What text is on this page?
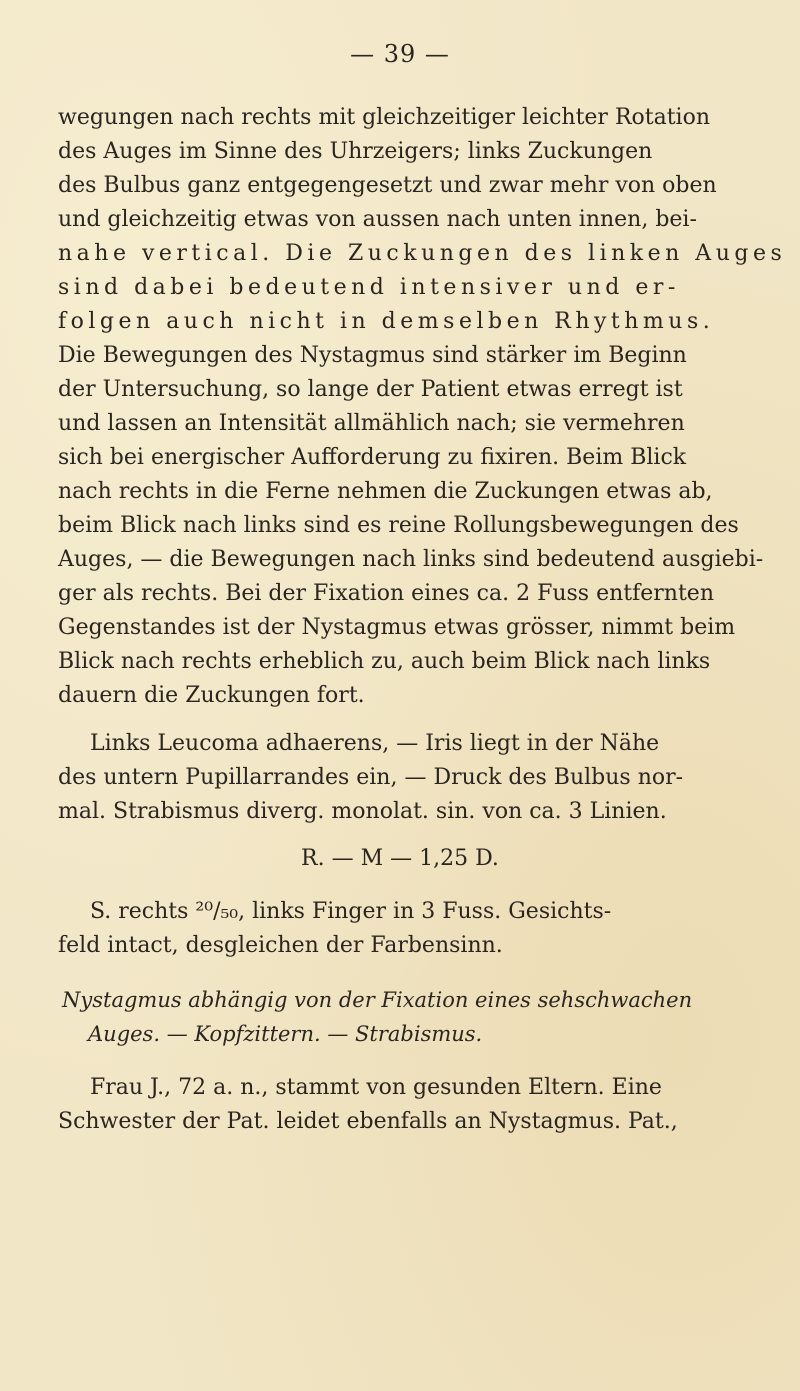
— 39 —
wegungen nach rechts mit gleichzeitiger leichter Rotation
des Auges im Sinne des Uhrzeigers; links Zuckungen
des Bulbus ganz entgegengesetzt und zwar mehr von oben
und gleichzeitig etwas von aussen nach unten innen, bei-
nahe vertical. Die Zuckungen des linken Auges
sind dabei bedeutend intensiver und er-
folgen auch nicht in demselben Rhythmus.
Die Bewegungen des Nystagmus sind stärker im Beginn
der Untersuchung, so lange der Patient etwas erregt ist
und lassen an Intensität allmählich nach; sie vermehren
sich bei energischer Aufforderung zu fixiren. Beim Blick
nach rechts in die Ferne nehmen die Zuckungen etwas ab,
beim Blick nach links sind es reine Rollungsbewegungen des
Auges, — die Bewegungen nach links sind bedeutend ausgiebi-
ger als rechts. Bei der Fixation eines ca. 2 Fuss entfernten
Gegenstandes ist der Nystagmus etwas grösser, nimmt beim
Blick nach rechts erheblich zu, auch beim Blick nach links
dauern die Zuckungen fort.
Links Leucoma adhaerens, — Iris liegt in der Nähe
des untern Pupillarrandes ein, — Druck des Bulbus nor-
mal. Strabismus diverg. monolat. sin. von ca. 3 Linien.
R. — M — 1,25 D.
S. rechts ²⁰/₅₀, links Finger in 3 Fuss. Gesichts-
feld intact, desgleichen der Farbensinn.
Nystagmus abhängig von der Fixation eines sehschwachen
Auges. — Kopfzittern. — Strabismus.
Frau J., 72 a. n., stammt von gesunden Eltern. Eine
Schwester der Pat. leidet ebenfalls an Nystagmus. Pat.,
